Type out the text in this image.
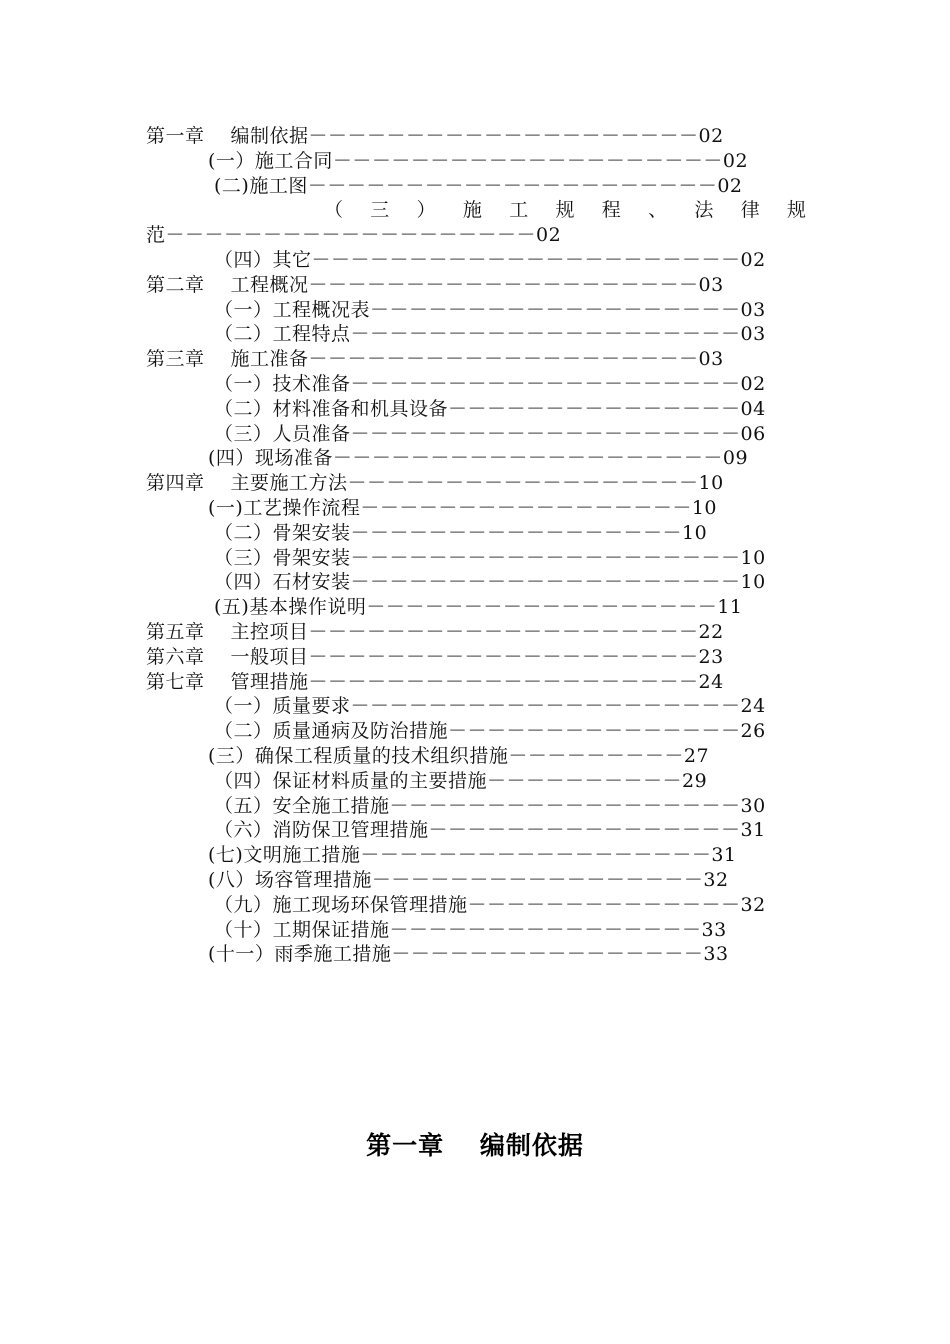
第一章　 编制依据－－－－－－－－－－－－－－－－－－－－02
(一）施工合同－－－－－－－－－－－－－－－－－－－－02
(二)施工图－－－－－－－－－－－－－－－－－－－－－02
（ 三 ） 施 工 规 程 、 法 律 规
范－－－－－－－－－－－－－－－－－－－02
（四）其它－－－－－－－－－－－－－－－－－－－－－－02
第二章　 工程概况－－－－－－－－－－－－－－－－－－－－03
（一）工程概况表－－－－－－－－－－－－－－－－－－－03
（二）工程特点－－－－－－－－－－－－－－－－－－－－03
第三章　 施工准备－－－－－－－－－－－－－－－－－－－－03
（一）技术准备－－－－－－－－－－－－－－－－－－－－02
（二）材料准备和机具设备－－－－－－－－－－－－－－－04
（三）人员准备－－－－－－－－－－－－－－－－－－－－06
(四）现场准备－－－－－－－－－－－－－－－－－－－－09
第四章　 主要施工方法－－－－－－－－－－－－－－－－－－10
(一)工艺操作流程－－－－－－－－－－－－－－－－－10
（二）骨架安装－－－－－－－－－－－－－－－－－10
（三）骨架安装－－－－－－－－－－－－－－－－－－－－10
（四）石材安装－－－－－－－－－－－－－－－－－－－－10
(五)基本操作说明－－－－－－－－－－－－－－－－－－11
第五章　 主控项目－－－－－－－－－－－－－－－－－－－－22
第六章　 一般项目－－－－－－－－－－－－－－－－－－－－23
第七章　 管理措施－－－－－－－－－－－－－－－－－－－－24
（一）质量要求－－－－－－－－－－－－－－－－－－－－24
（二）质量通病及防治措施－－－－－－－－－－－－－－－26
(三）确保工程质量的技术组织措施－－－－－－－－－27
（四）保证材料质量的主要措施－－－－－－－－－－29
（五）安全施工措施－－－－－－－－－－－－－－－－－－30
（六）消防保卫管理措施－－－－－－－－－－－－－－－－31
(七)文明施工措施－－－－－－－－－－－－－－－－－－31
(八）场容管理措施－－－－－－－－－－－－－－－－－32
（九）施工现场环保管理措施－－－－－－－－－－－－－－32
（十）工期保证措施－－－－－－－－－－－－－－－－33
(十一）雨季施工措施－－－－－－－－－－－－－－－－33
第一章　 编制依据
